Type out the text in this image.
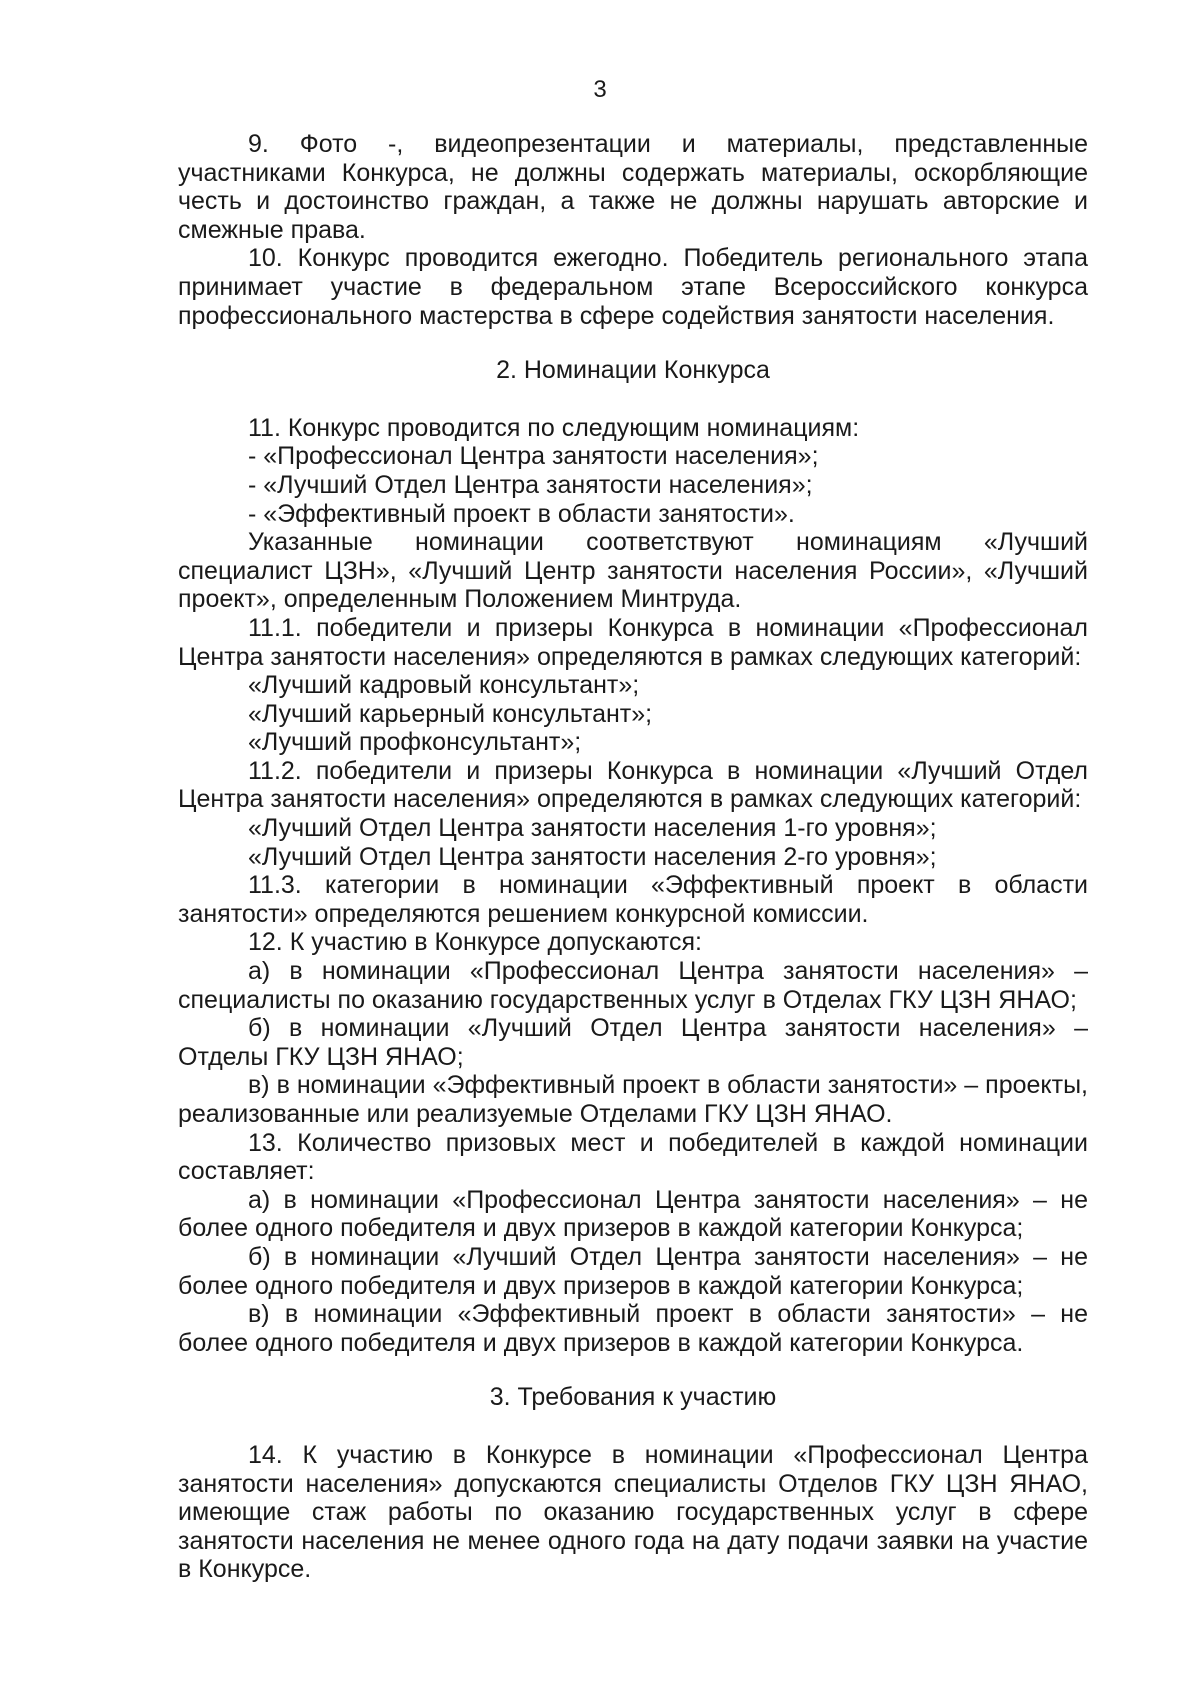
3

9. Фото -, видеопрезентации и материалы, представленные участниками Конкурса, не должны содержать материалы, оскорбляющие честь и достоинство граждан, а также не должны нарушать авторские и смежные права.

10. Конкурс проводится ежегодно. Победитель регионального этапа принимает участие в федеральном этапе Всероссийского конкурса профессионального мастерства в сфере содействия занятости населения.

2. Номинации Конкурса

11. Конкурс проводится по следующим номинациям:

- «Профессионал Центра занятости населения»;

- «Лучший Отдел Центра занятости населения»;

- «Эффективный проект в области занятости».

Указанные номинации соответствуют номинациям «Лучший специалист ЦЗН», «Лучший Центр занятости населения России», «Лучший проект», определенным Положением Минтруда.

11.1. победители и призеры Конкурса в номинации «Профессионал Центра занятости населения» определяются в рамках следующих категорий:

«Лучший кадровый консультант»;

«Лучший карьерный консультант»;

«Лучший профконсультант»;

11.2. победители и призеры Конкурса в номинации «Лучший Отдел Центра занятости населения» определяются в рамках следующих категорий:

«Лучший Отдел Центра занятости населения 1-го уровня»;

«Лучший Отдел Центра занятости населения 2-го уровня»;

11.3. категории в номинации «Эффективный проект в области занятости» определяются решением конкурсной комиссии.

12. К участию в Конкурсе допускаются:

а) в номинации «Профессионал Центра занятости населения» – специалисты по оказанию государственных услуг в Отделах ГКУ ЦЗН ЯНАО;

б) в номинации «Лучший Отдел Центра занятости населения» – Отделы ГКУ ЦЗН ЯНАО;

в) в номинации «Эффективный проект в области занятости» – проекты, реализованные или реализуемые Отделами ГКУ ЦЗН ЯНАО.

13. Количество призовых мест и победителей в каждой номинации составляет:

а) в номинации «Профессионал Центра занятости населения» – не более одного победителя и двух призеров в каждой категории Конкурса;

б) в номинации «Лучший Отдел Центра занятости населения» – не более одного победителя и двух призеров в каждой категории Конкурса;

в) в номинации «Эффективный проект в области занятости» – не более одного победителя и двух призеров в каждой категории Конкурса.

3. Требования к участию

14. К участию в Конкурсе в номинации «Профессионал Центра занятости населения» допускаются специалисты Отделов ГКУ ЦЗН ЯНАО, имеющие стаж работы по оказанию государственных услуг в сфере занятости населения не менее одного года на дату подачи заявки на участие в Конкурсе.
